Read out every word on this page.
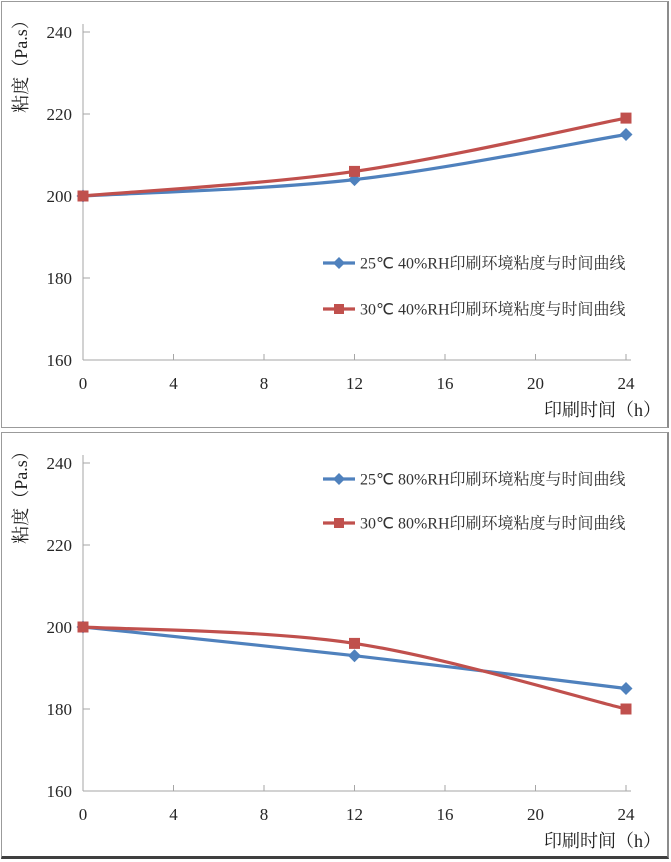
160
180
200
220
240
0	4	8	12	16	20	24
25℃ 40%RH印刷环境粘度与时间曲线
30℃ 40%RH印刷环境粘度与时间曲线
粘度（Pa.s）
印刷时间（h）
160
180
200
220
240
0	4	8	12	16	20	24
25℃ 80%RH印刷环境粘度与时间曲线
30℃ 80%RH印刷环境粘度与时间曲线
粘度（Pa.s）
印刷时间（h）
